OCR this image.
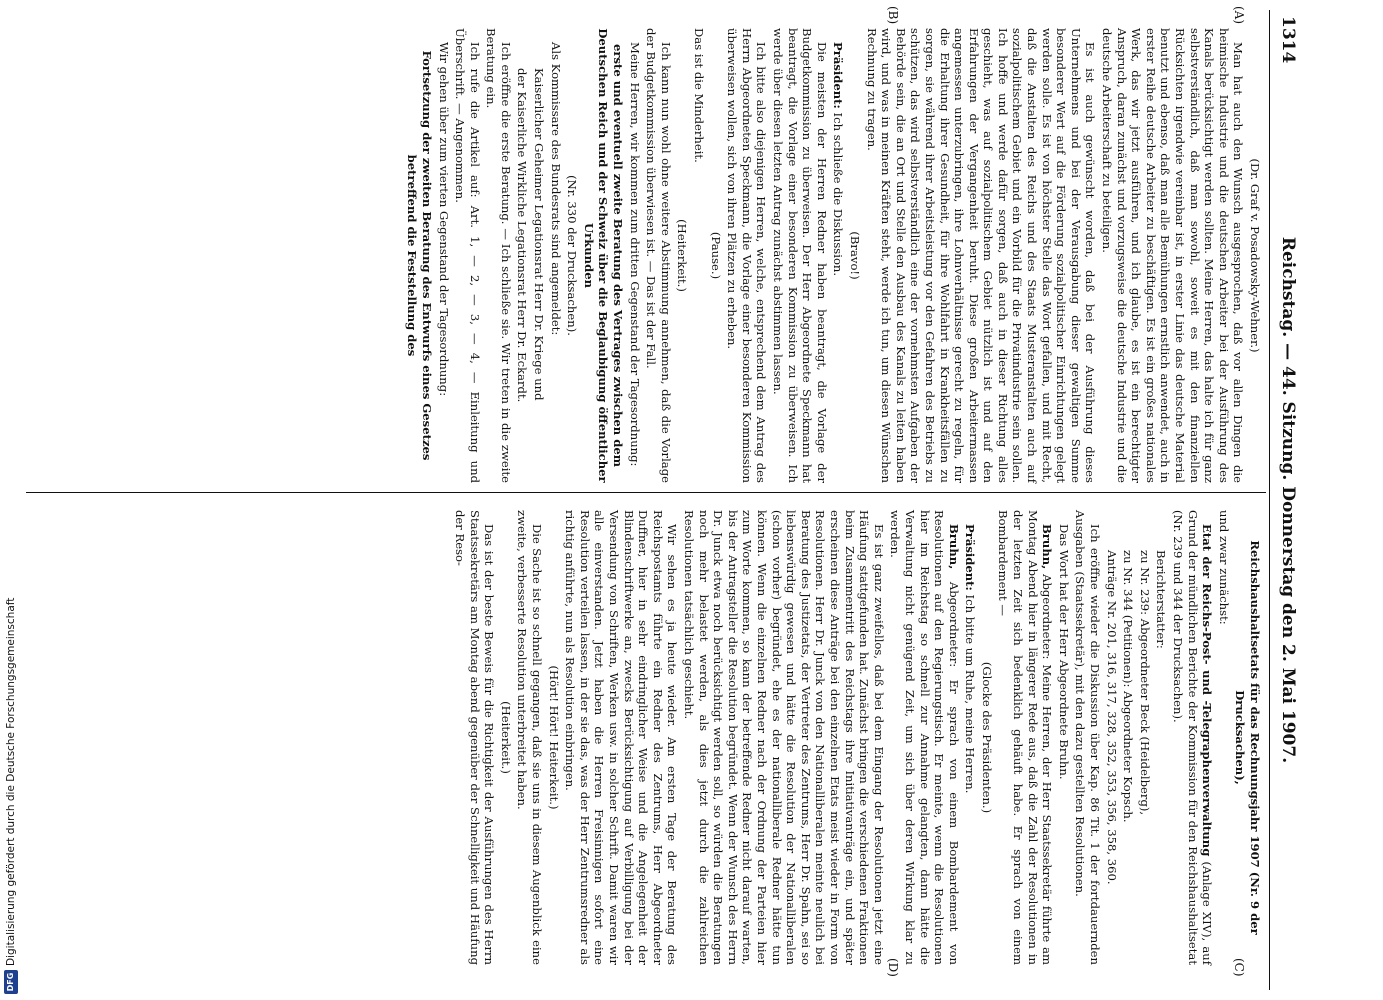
1314
Reichstag. — 44. Sitzung. Donnerstag den 2. Mai 1907.
(A)
(B)
(C)
(D)

(Dr. Graf v. Posadowsky-Wehner.)

Man hat auch den Wunsch ausgesprochen, daß vor allen Dingen die heimische Industrie und die deutschen Arbeiter bei der Ausführung des Kanals berücksichtigt werden sollten. Meine Herren, das halte ich für ganz selbstverständlich, daß man sowohl, soweit es mit den finanziellen Rücksichten irgendwie vereinbar ist, in erster Linie das deutsche Material benutzt und ebenso, daß man alle Bemühungen ernstlich anwendet, auch in erster Reihe deutsche Arbeiter zu beschäftigen. Es ist ein großes nationales Werk, das wir jetzt ausführen, und ich glaube, es ist ein berechtigter Anspruch, daran zunächst und vorzugsweise die deutsche Industrie und die deutsche Arbeiterschaft zu beteiligen.

Es ist auch gewünscht worden, daß bei der Ausführung dieses Unternehmens und bei der Verausgabung dieser gewaltigen Summe besonderer Wert auf die Förderung sozialpolitischer Einrichtungen gelegt werden solle. Es ist von höchster Stelle das Wort gefallen, und mit Recht, daß die Anstalten des Reichs und des Staats Musteranstalten auch auf sozialpolitischem Gebiet und ein Vorbild für die Privatindustrie sein sollen. Ich hoffe und werde dafür sorgen, daß auch in dieser Richtung alles geschieht, was auf sozialpolitischem Gebiet nützlich ist und auf den Erfahrungen der Vergangenheit beruht. Diese großen Arbeitermassen angemessen unterzubringen, ihre Lohnverhältnisse gerecht zu regeln, für die Erhaltung ihrer Gesundheit, für ihre Wohlfahrt in Krankheitsfällen zu sorgen, sie während ihrer Arbeitsleistung vor den Gefahren des Betriebs zu schützen, das wird selbstverständlich eine der vornehmsten Aufgaben der Behörde sein, die an Ort und Stelle den Ausbau des Kanals zu leiten haben wird, und was in meinen Kräften steht, werde ich tun, um diesen Wünschen Rechnung zu tragen.

(Bravo!)

Präsident: Ich schließe die Diskussion.

Die meisten der Herren Redner haben beantragt, die Vorlage der Budgetkommission zu überweisen. Der Herr Abgeordnete Speckmann hat beantragt, die Vorlage einer besonderen Kommission zu überweisen. Ich werde über diesen letzten Antrag zunächst abstimmen lassen.

Ich bitte also diejenigen Herren, welche, entsprechend dem Antrag des Herrn Abgeordneten Speckmann, die Vorlage einer besonderen Kommission überweisen wollen, sich von ihren Plätzen zu erheben.

(Pause.)

Das ist die Minderheit.

(Heiterkeit.)

Ich kann nun wohl ohne weitere Abstimmung annehmen, daß die Vorlage der Budgetkommission überwiesen ist. — Das ist der Fall.

Meine Herren, wir kommen zum dritten Gegenstand der Tagesordnung:

erste und eventuell zweite Beratung des Vertrages zwischen dem Deutschen Reich und der Schweiz über die Beglaubigung öffentlicher Urkunden

(Nr. 330 der Drucksachen).

Als Kommissare des Bundesrats sind angemeldet:

Kaiserlicher Geheimer Legationsrat Herr Dr. Kriege und

der Kaiserliche Wirkliche Legationsrat Herr Dr. Eckardt.

Ich eröffne die erste Beratung. — Ich schließe sie. Wir treten in die zweite Beratung ein.

Ich rufe die Artikel auf: Art. 1, — 2, — 3, — 4, — Einleitung und Überschrift. — Angenommen.

Wir gehen über zum vierten Gegenstand der Tagesordnung:

Fortsetzung der zweiten Beratung des Entwurfs eines Gesetzes betreffend die Feststellung des

Reichshaushaltsetats für das Rechnungsjahr 1907 (Nr. 9 der Drucksachen),

und zwar zunächst:

Etat der Reichs-Post- und -Telegraphenverwaltung (Anlage XIV), auf Grund der mündlichen Berichte der Kommission für den Reichshaushaltsetat (Nr. 239 und 344 der Drucksachen).

Berichterstatter:

zu Nr. 239: Abgeordneter Beck (Heidelberg),

zu Nr. 344 (Petitionen): Abgeordneter Kopsch.

Anträge Nr. 201, 316, 317, 328, 352, 353, 356, 358, 360.

Ich eröffne wieder die Diskussion über Kap. 86 Tit. 1 der fortdauernden Ausgaben (Staatssekretär), mit den dazu gestellten Resolutionen.

Das Wort hat der Herr Abgeordnete Bruhn.

Bruhn, Abgeordneter: Meine Herren, der Herr Staatssekretär führte am Montag Abend hier in längerer Rede aus, daß die Zahl der Resolutionen in der letzten Zeit sich bedenklich gehäuft habe. Er sprach von einem Bombardement —

(Glocke des Präsidenten.)

Präsident: Ich bitte um Ruhe, meine Herren.

Bruhn, Abgeordneter: Er sprach von einem Bombardement von Resolutionen auf den Regierungstisch. Er meinte, wenn die Resolutionen hier im Reichstag so schnell zur Annahme gelangten, dann hätte die Verwaltung nicht genügend Zeit, um sich über deren Wirkung klar zu werden.

Es ist ganz zweifellos, daß bei dem Eingang der Resolutionen jetzt eine Häufung stattgefunden hat. Zunächst bringen die verschiedenen Fraktionen beim Zusammentritt des Reichstags ihre Initiativanträge ein, und später erscheinen diese Anträge bei den einzelnen Etats meist wieder in Form von Resolutionen. Herr Dr. Junck von den Nationalliberalen meinte neulich bei Beratung des Justizetats, der Vertreter des Zentrums, Herr Dr. Spahn, sei so liebenswürdig gewesen und hätte die Resolution der Nationalliberalen (schon vorher) begründet, ehe es der nationalliberale Redner hätte tun können. Wenn die einzelnen Redner nach der Ordnung der Parteien hier zum Worte kommen, so kann der betreffende Redner nicht darauf warten, bis der Antragsteller die Resolution begründet. Wenn der Wunsch des Herrn Dr. Junck etwa noch berücksichtigt werden soll, so würden die Beratungen noch mehr belastet werden, als dies jetzt durch die zahlreichen Resolutionen tatsächlich geschieht.

Wir sehen es ja heute wieder. Am ersten Tage der Beratung des Reichspostamts führte ein Redner des Zentrums, Herr Abgeordneter Duffner, hier in sehr eindringlicher Weise und die Angelegenheit der Blindenschriftwerke an, zwecks Berücksichtigung auf Verbilligung bei der Versendung von Schriften, Werken usw. in solcher Schrift. Damit waren wir alle einverstanden. Jetzt haben die Herren Freisinnigen sofort eine Resolution verteilen lassen, in der sie das, was der Herr Zentrumsredner als richtig anführte, nun als Resolution einbringen.

(Hört! Hört! Heiterkeit.)

Die Sache ist so schnell gegangen, daß sie uns in diesem Augenblick eine zweite, verbesserte Resolution unterbreitet haben.

(Heiterkeit.)

Das ist der beste Beweis für die Richtigkeit der Ausführungen des Herrn Staatssekretärs am Montag abend gegenüber der Schnelligkeit und Häufung der Reso-

DFG
Digitalisierung gefördert durch die Deutsche Forschungsgemeinschaft
